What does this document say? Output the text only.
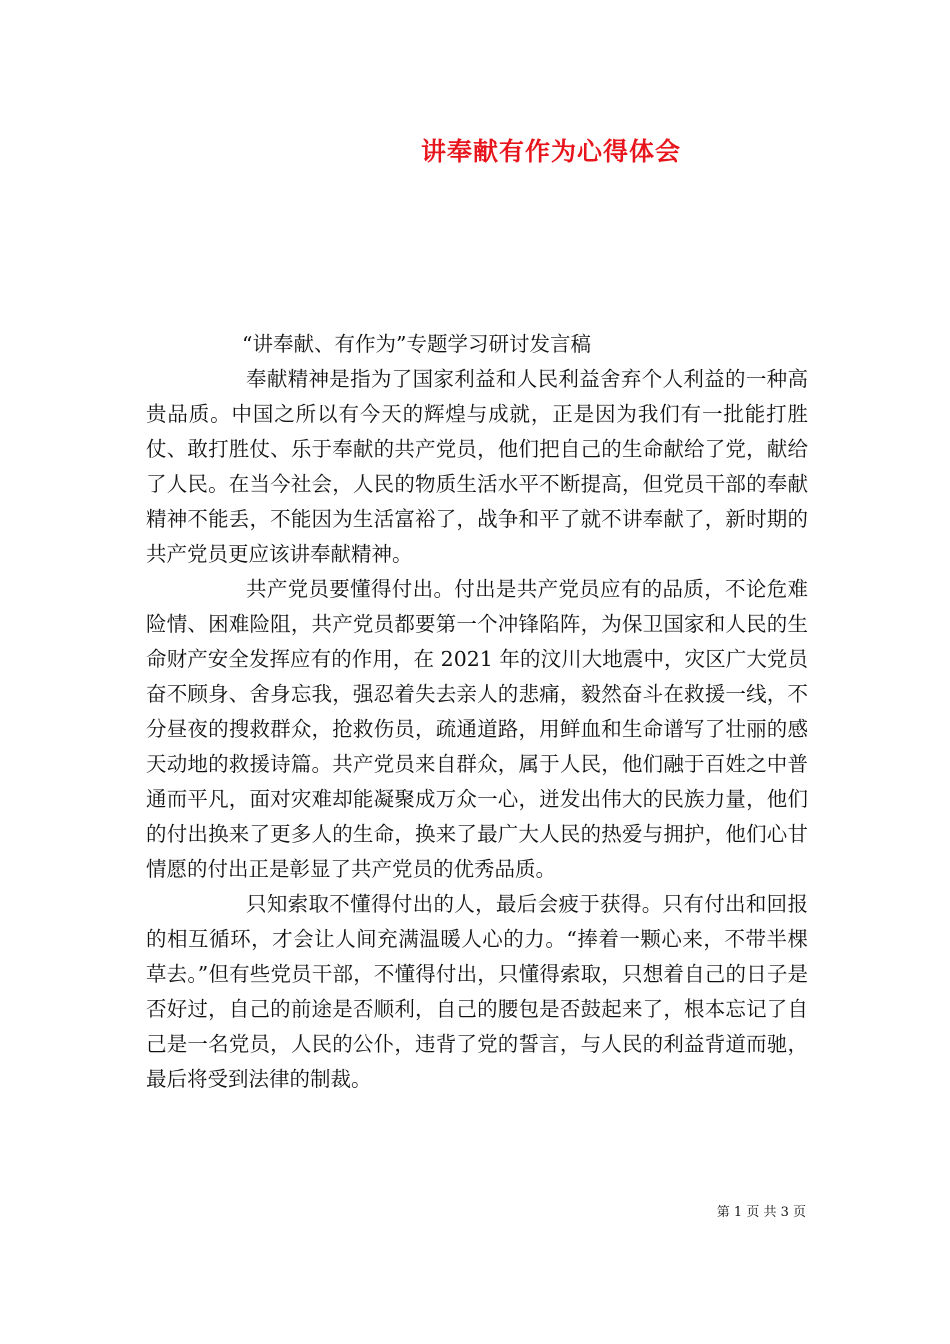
讲奉献有作为心得体会

“讲奉献、有作为”专题学习研讨发言稿

奉献精神是指为了国家利益和人民利益舍弃个人利益的一种高贵品质。中国之所以有今天的辉煌与成就，正是因为我们有一批能打胜仗、敢打胜仗、乐于奉献的共产党员，他们把自己的生命献给了党，献给了人民。在当今社会，人民的物质生活水平不断提高，但党员干部的奉献精神不能丢，不能因为生活富裕了，战争和平了就不讲奉献了，新时期的共产党员更应该讲奉献精神。

共产党员要懂得付出。付出是共产党员应有的品质，不论危难险情、困难险阻，共产党员都要第一个冲锋陷阵，为保卫国家和人民的生命财产安全发挥应有的作用，在 2021 年的汶川大地震中，灾区广大党员奋不顾身、舍身忘我，强忍着失去亲人的悲痛，毅然奋斗在救援一线，不分昼夜的搜救群众，抢救伤员，疏通道路，用鲜血和生命谱写了壮丽的感天动地的救援诗篇。共产党员来自群众，属于人民，他们融于百姓之中普通而平凡，面对灾难却能凝聚成万众一心，迸发出伟大的民族力量，他们的付出换来了更多人的生命，换来了最广大人民的热爱与拥护，他们心甘情愿的付出正是彰显了共产党员的优秀品质。

只知索取不懂得付出的人，最后会疲于获得。只有付出和回报的相互循环，才会让人间充满温暖人心的力。“捧着一颗心来，不带半棵草去。”但有些党员干部，不懂得付出，只懂得索取，只想着自己的日子是否好过，自己的前途是否顺利，自己的腰包是否鼓起来了，根本忘记了自己是一名党员，人民的公仆，违背了党的誓言，与人民的利益背道而驰，最后将受到法律的制裁。

第 1 页 共 3 页
